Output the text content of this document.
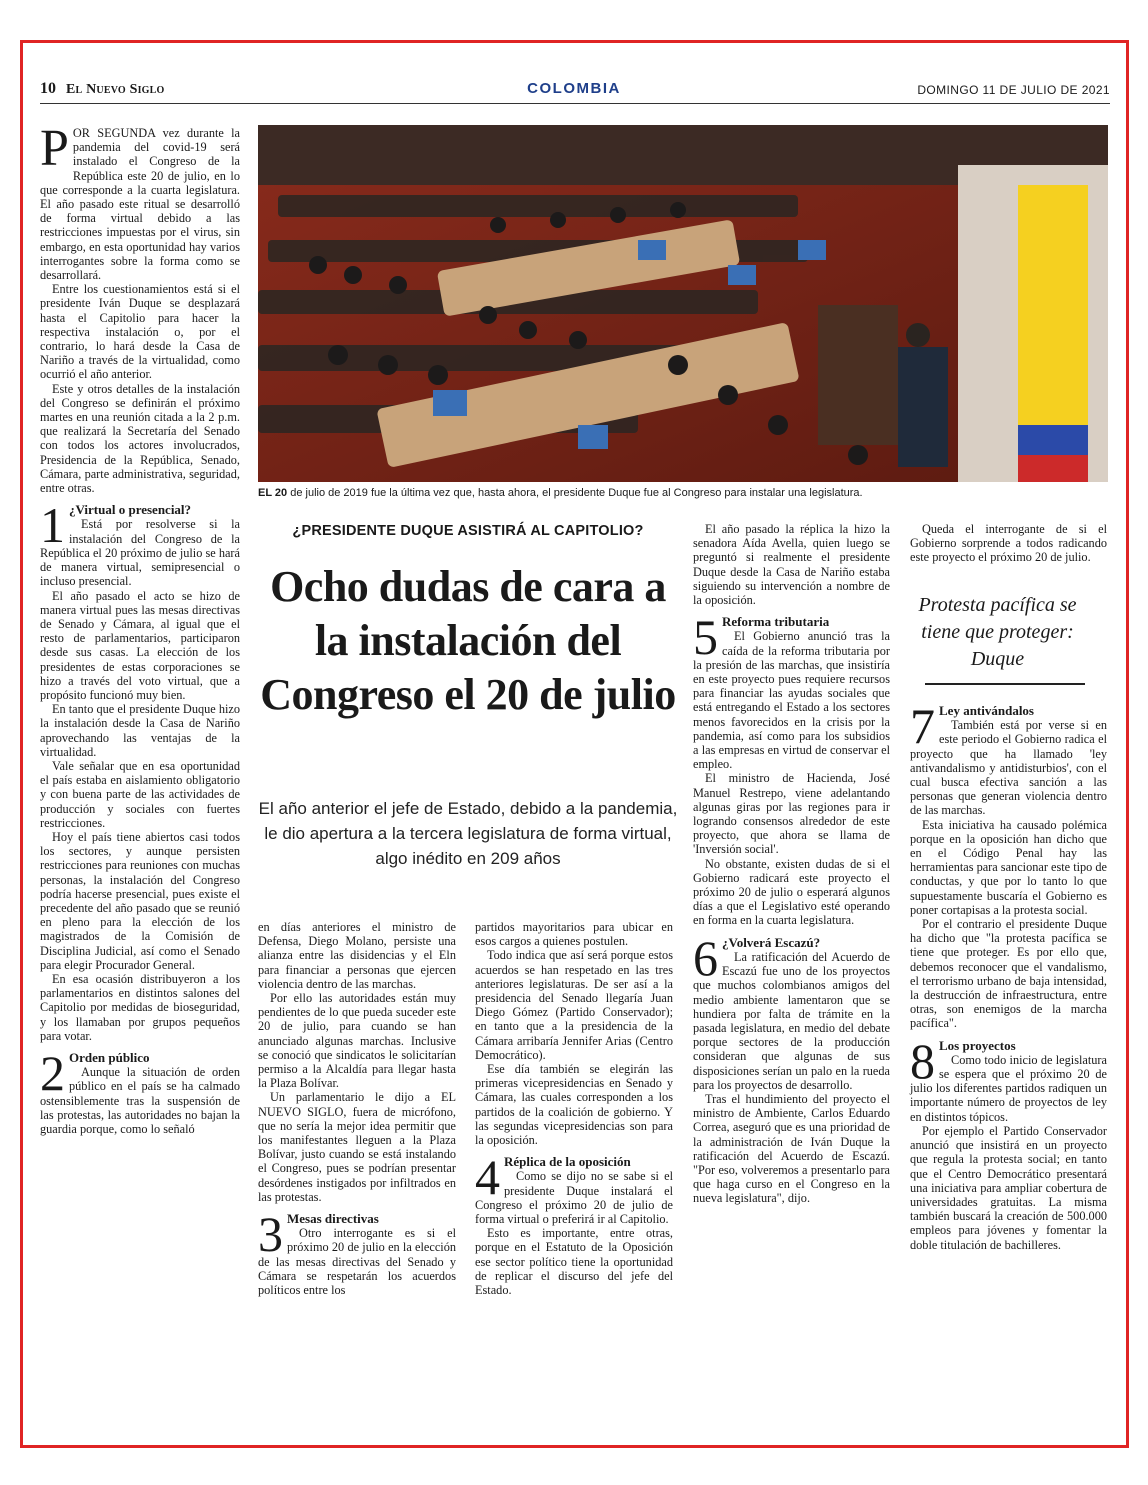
10 El Nuevo Siglo	COLOMBIA	DOMINGO 11 DE JULIO DE 2021

POR SEGUNDA vez durante la pandemia del covid-19 será instalado el Congreso de la República este 20 de julio, en lo que corresponde a la cuarta legislatura. El año pasado este ritual se desarrolló de forma virtual debido a las restricciones impuestas por el virus, sin embargo, en esta oportunidad hay varios interrogantes sobre la forma como se desarrollará.

Entre los cuestionamientos está si el presidente Iván Duque se desplazará hasta el Capitolio para hacer la respectiva instalación o, por el contrario, lo hará desde la Casa de Nariño a través de la virtualidad, como ocurrió el año anterior.

Este y otros detalles de la instalación del Congreso se definirán el próximo martes en una reunión citada a la 2 p.m. que realizará la Secretaría del Senado con todos los actores involucrados, Presidencia de la República, Senado, Cámara, parte administrativa, seguridad, entre otras.

1 ¿Virtual o presencial?

Está por resolverse si la instalación del Congreso de la República el 20 próximo de julio se hará de manera virtual, semipresencial o incluso presencial.

El año pasado el acto se hizo de manera virtual pues las mesas directivas de Senado y Cámara, al igual que el resto de parlamentarios, participaron desde sus casas. La elección de los presidentes de estas corporaciones se hizo a través del voto virtual, que a propósito funcionó muy bien.

En tanto que el presidente Duque hizo la instalación desde la Casa de Nariño aprovechando las ventajas de la virtualidad.

Vale señalar que en esa oportunidad el país estaba en aislamiento obligatorio y con buena parte de las actividades de producción y sociales con fuertes restricciones.

Hoy el país tiene abiertos casi todos los sectores, y aunque persisten restricciones para reuniones con muchas personas, la instalación del Congreso podría hacerse presencial, pues existe el precedente del año pasado que se reunió en pleno para la elección de los magistrados de la Comisión de Disciplina Judicial, así como el Senado para elegir Procurador General.

En esa ocasión distribuyeron a los parlamentarios en distintos salones del Capitolio por medidas de bioseguridad, y los llamaban por grupos pequeños para votar.

2 Orden público

Aunque la situación de orden público en el país se ha calmado ostensiblemente tras la suspensión de las protestas, las autoridades no bajan la guardia porque, como lo señaló

EL 20 de julio de 2019 fue la última vez que, hasta ahora, el presidente Duque fue al Congreso para instalar una legislatura.
¿PRESIDENTE DUQUE ASISTIRÁ AL CAPITOLIO?
Ocho dudas de cara a la instalación del Congreso el 20 de julio
El año anterior el jefe de Estado, debido a la pandemia, le dio apertura a la tercera legislatura de forma virtual, algo inédito en 209 años

en días anteriores el ministro de Defensa, Diego Molano, persiste una alianza entre las disidencias y el Eln para financiar a personas que ejercen violencia dentro de las marchas.

Por ello las autoridades están muy pendientes de lo que pueda suceder este 20 de julio, para cuando se han anunciado algunas marchas. Inclusive se conoció que sindicatos le solicitarían permiso a la Alcaldía para llegar hasta la Plaza Bolívar.

Un parlamentario le dijo a EL NUEVO SIGLO, fuera de micrófono, que no sería la mejor idea permitir que los manifestantes lleguen a la Plaza Bolívar, justo cuando se está instalando el Congreso, pues se podrían presentar desórdenes instigados por infiltrados en las protestas.

3 Mesas directivas

Otro interrogante es si el próximo 20 de julio en la elección de las mesas directivas del Senado y Cámara se respetarán los acuerdos políticos entre los

partidos mayoritarios para ubicar en esos cargos a quienes postulen.

Todo indica que así será porque estos acuerdos se han respetado en las tres anteriores legislaturas. De ser así a la presidencia del Senado llegaría Juan Diego Gómez (Partido Conservador); en tanto que a la presidencia de la Cámara arribaría Jennifer Arias (Centro Democrático).

Ese día también se elegirán las primeras vicepresidencias en Senado y Cámara, las cuales corresponden a los partidos de la coalición de gobierno. Y las segundas vicepresidencias son para la oposición.

4 Réplica de la oposición

Como se dijo no se sabe si el presidente Duque instalará el Congreso el próximo 20 de julio de forma virtual o preferirá ir al Capitolio.

Esto es importante, entre otras, porque en el Estatuto de la Oposición ese sector político tiene la oportunidad de replicar el discurso del jefe del Estado.

El año pasado la réplica la hizo la senadora Aída Avella, quien luego se preguntó si realmente el presidente Duque desde la Casa de Nariño estaba siguiendo su intervención a nombre de la oposición.

5 Reforma tributaria

El Gobierno anunció tras la caída de la reforma tributaria por la presión de las marchas, que insistiría en este proyecto pues requiere recursos para financiar las ayudas sociales que está entregando el Estado a los sectores menos favorecidos en la crisis por la pandemia, así como para los subsidios a las empresas en virtud de conservar el empleo.

El ministro de Hacienda, José Manuel Restrepo, viene adelantando algunas giras por las regiones para ir logrando consensos alrededor de este proyecto, que ahora se llama de 'Inversión social'.

No obstante, existen dudas de si el Gobierno radicará este proyecto el próximo 20 de julio o esperará algunos días a que el Legislativo esté operando en forma en la cuarta legislatura.

6 ¿Volverá Escazú?

La ratificación del Acuerdo de Escazú fue uno de los proyectos que muchos colombianos amigos del medio ambiente lamentaron que se hundiera por falta de trámite en la pasada legislatura, en medio del debate porque sectores de la producción consideran que algunas de sus disposiciones serían un palo en la rueda para los proyectos de desarrollo.

Tras el hundimiento del proyecto el ministro de Ambiente, Carlos Eduardo Correa, aseguró que es una prioridad de la administración de Iván Duque la ratificación del Acuerdo de Escazú. "Por eso, volveremos a presentarlo para que haga curso en el Congreso en la nueva legislatura", dijo.

Queda el interrogante de si el Gobierno sorprende a todos radicando este proyecto el próximo 20 de julio.

Protesta pacífica se tiene que proteger: Duque
7 Ley antivándalos

También está por verse si en este periodo el Gobierno radica el proyecto que ha llamado 'ley antivandalismo y antidisturbios', con el cual busca efectiva sanción a las personas que generan violencia dentro de las marchas.

Esta iniciativa ha causado polémica porque en la oposición han dicho que en el Código Penal hay las herramientas para sancionar este tipo de conductas, y que por lo tanto lo que supuestamente buscaría el Gobierno es poner cortapisas a la protesta social.

Por el contrario el presidente Duque ha dicho que "la protesta pacífica se tiene que proteger. Es por ello que, debemos reconocer que el vandalismo, el terrorismo urbano de baja intensidad, la destrucción de infraestructura, entre otras, son enemigos de la marcha pacífica".

8 Los proyectos

Como todo inicio de legislatura se espera que el próximo 20 de julio los diferentes partidos radiquen un importante número de proyectos de ley en distintos tópicos.

Por ejemplo el Partido Conservador anunció que insistirá en un proyecto que regula la protesta social; en tanto que el Centro Democrático presentará una iniciativa para ampliar cobertura de universidades gratuitas. La misma también buscará la creación de 500.000 empleos para jóvenes y fomentar la doble titulación de bachilleres.
